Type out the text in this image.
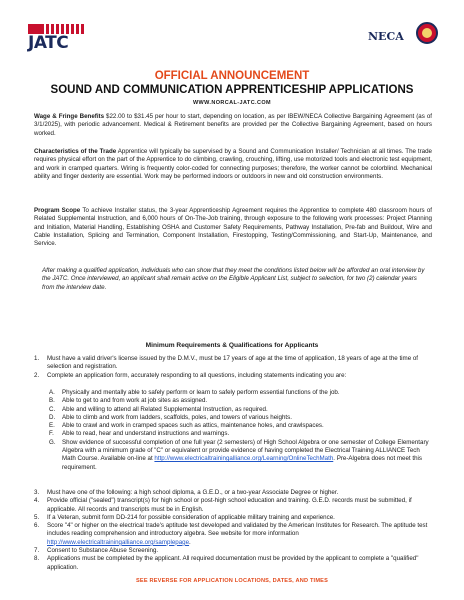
JATC	NECA
OFFICIAL ANNOUNCEMENT
SOUND AND COMMUNICATION APPRENTICESHIP APPLICATIONS
WWW.NORCAL-JATC.COM
Wage & Fringe Benefits $22.00 to $31.45 per hour to start, depending on location, as per IBEW/NECA Collective Bargaining Agreement (as of 3/1/2025), with periodic advancement. Medical & Retirement benefits are provided per the Collective Bargaining Agreement, based on hours worked.
Characteristics of the Trade Apprentice will typically be supervised by a Sound and Communication Installer/ Technician at all times. The trade requires physical effort on the part of the Apprentice to do climbing, crawling, crouching, lifting, use motorized tools and electronic test equipment, and work in cramped quarters. Wiring is frequently color-coded for connecting purposes; therefore, the worker cannot be colorblind. Mechanical ability and finger dexterity are essential. Work may be performed indoors or outdoors in new and old construction environments.
Program Scope To achieve Installer status, the 3-year Apprenticeship Agreement requires the Apprentice to complete 480 classroom hours of Related Supplemental Instruction, and 6,000 hours of On-The-Job training, through exposure to the following work processes: Project Planning and Initiation, Material Handling, Establishing OSHA and Customer Safety Requirements, Pathway Installation, Pre-fab and Buildout, Wire and Cable Installation, Splicing and Termination, Component Installation, Firestopping, Testing/Commissioning, and Start-Up, Maintenance, and Service.
After making a qualified application, individuals who can show that they meet the conditions listed below will be afforded an oral interview by the JATC. Once interviewed, an applicant shall remain active on the Eligible Applicant List, subject to selection, for two (2) calendar years from the interview date.
Minimum Requirements & Qualifications for Applicants
1. Must have a valid driver's license issued by the D.M.V., must be 17 years of age at the time of application, 18 years of age at the time of selection and registration.
2. Complete an application form, accurately responding to all questions, including statements indicating you are:
A. Physically and mentally able to safely perform or learn to safely perform essential functions of the job.
B. Able to get to and from work at job sites as assigned.
C. Able and willing to attend all Related Supplemental Instruction, as required.
D. Able to climb and work from ladders, scaffolds, poles, and towers of various heights.
E. Able to crawl and work in cramped spaces such as attics, maintenance holes, and crawlspaces.
F. Able to read, hear and understand instructions and warnings.
G. Show evidence of successful completion of one full year (2 semesters) of High School Algebra or one semester of College Elementary Algebra with a minimum grade of "C" or equivalent or provide evidence of having completed the Electrical Training ALLIANCE Tech Math Course. Available on-line at http://www.electricaltrainingalliance.org/Learning/OnlineTechMath. Pre-Algebra does not meet this requirement.
3. Must have one of the following: a high school diploma, a G.E.D., or a two-year Associate Degree or higher.
4. Provide official ("sealed") transcript(s) for high school or post-high school education and training. G.E.D. records must be submitted, if applicable. All records and transcripts must be in English.
5. If a Veteran, submit form DD-214 for possible consideration of applicable military training and experience.
6. Score "4" or higher on the electrical trade's aptitude test developed and validated by the American Institutes for Research. The aptitude test includes reading comprehension and introductory algebra. See website for more information http://www.electricaltrainingalliance.org/samplepage.
7. Consent to Substance Abuse Screening.
8. Applications must be completed by the applicant. All required documentation must be provided by the applicant to complete a "qualified" application.
SEE REVERSE FOR APPLICATION LOCATIONS, DATES, AND TIMES
